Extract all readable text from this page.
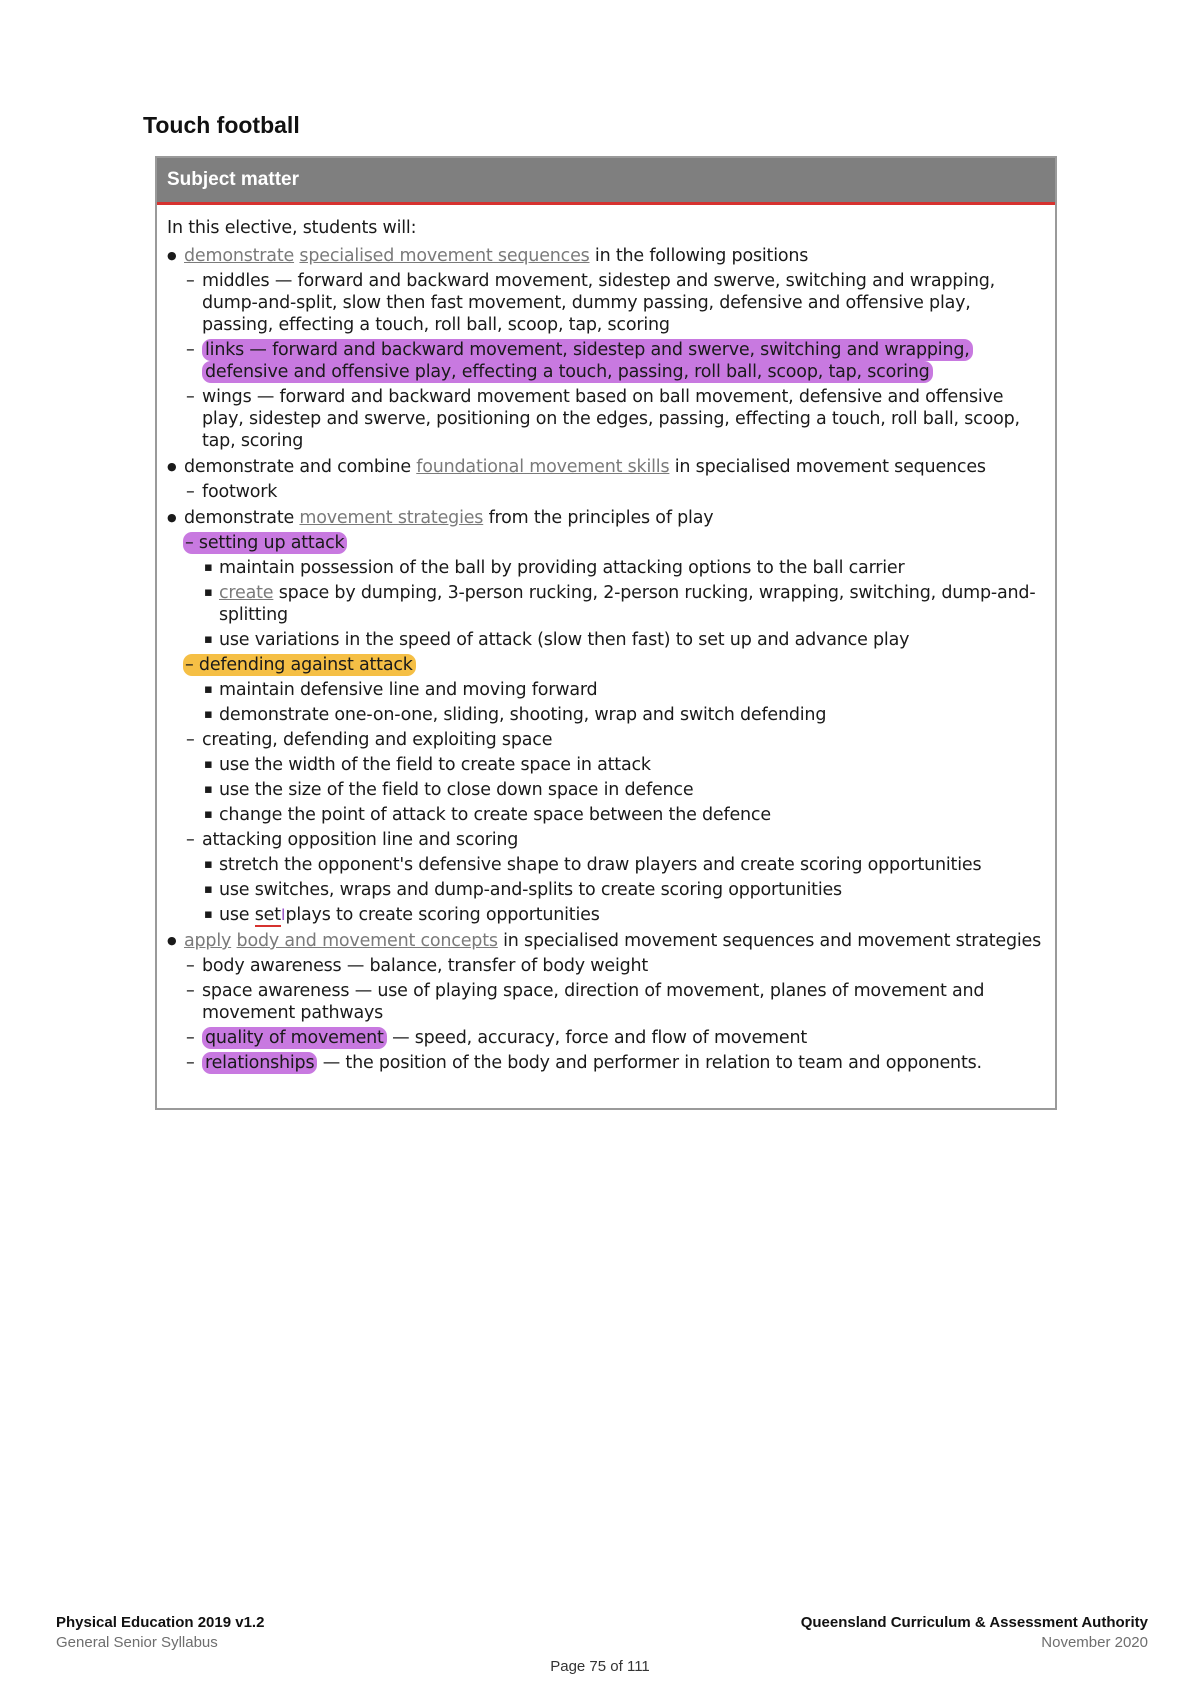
Touch football
Subject matter
In this elective, students will:
● demonstrate specialised movement sequences in the following positions
– middles — forward and backward movement, sidestep and swerve, switching and wrapping, dump-and-split, slow then fast movement, dummy passing, defensive and offensive play, passing, effecting a touch, roll ball, scoop, tap, scoring
– links — forward and backward movement, sidestep and swerve, switching and wrapping, defensive and offensive play, effecting a touch, passing, roll ball, scoop, tap, scoring
– wings — forward and backward movement based on ball movement, defensive and offensive play, sidestep and swerve, positioning on the edges, passing, effecting a touch, roll ball, scoop, tap, scoring
● demonstrate and combine foundational movement skills in specialised movement sequences
– footwork
● demonstrate movement strategies from the principles of play
– setting up attack
▪ maintain possession of the ball by providing attacking options to the ball carrier
▪ create space by dumping, 3-person rucking, 2-person rucking, wrapping, switching, dump-and-splitting
▪ use variations in the speed of attack (slow then fast) to set up and advance play
– defending against attack
▪ maintain defensive line and moving forward
▪ demonstrate one-on-one, sliding, shooting, wrap and switch defending
– creating, defending and exploiting space
▪ use the width of the field to create space in attack
▪ use the size of the field to close down space in defence
▪ change the point of attack to create space between the defence
– attacking opposition line and scoring
▪ stretch the opponent's defensive shape to draw players and create scoring opportunities
▪ use switches, wraps and dump-and-splits to create scoring opportunities
▪ use setIplays to create scoring opportunities
● apply body and movement concepts in specialised movement sequences and movement strategies
– body awareness — balance, transfer of body weight
– space awareness — use of playing space, direction of movement, planes of movement and movement pathways
– quality of movement — speed, accuracy, force and flow of movement
– relationships — the position of the body and performer in relation to team and opponents.
Physical Education 2019 v1.2
General Senior Syllabus
Queensland Curriculum & Assessment Authority
November 2020
Page 75 of 111
